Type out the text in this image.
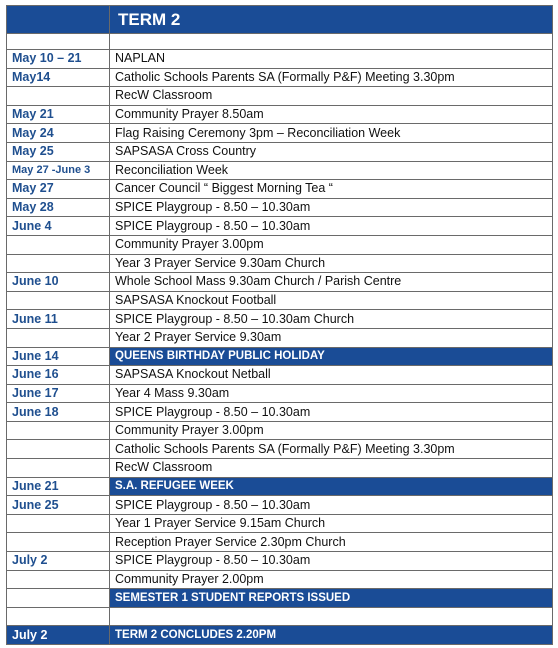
	TERM 2

May 10 – 21	NAPLAN
May14	Catholic Schools Parents SA (Formally P&F) Meeting 3.30pm
	RecW Classroom
May 21	Community Prayer 8.50am
May 24	Flag Raising Ceremony 3pm – Reconciliation Week
May 25	SAPSASA Cross Country
May 27 -June 3	Reconciliation Week
May 27	Cancer Council “ Biggest Morning Tea “
May 28	SPICE Playgroup - 8.50 – 10.30am
June 4	SPICE Playgroup - 8.50 – 10.30am
	Community Prayer 3.00pm
	Year 3 Prayer Service 9.30am Church
June 10	Whole School Mass 9.30am Church / Parish Centre
	SAPSASA Knockout Football
June 11	SPICE Playgroup - 8.50 – 10.30am Church
	Year 2 Prayer Service 9.30am
June 14	QUEENS BIRTHDAY PUBLIC HOLIDAY
June 16	SAPSASA Knockout Netball
June 17	Year 4 Mass 9.30am
June 18	SPICE Playgroup - 8.50 – 10.30am
	Community Prayer 3.00pm
	Catholic Schools Parents SA (Formally P&F) Meeting 3.30pm
	RecW Classroom
June 21	S.A. REFUGEE WEEK
June 25	SPICE Playgroup - 8.50 – 10.30am
	Year 1 Prayer Service 9.15am Church
	Reception Prayer Service 2.30pm Church
July 2	SPICE Playgroup - 8.50 – 10.30am
	Community Prayer 2.00pm
	SEMESTER 1 STUDENT REPORTS ISSUED

July 2	TERM 2 CONCLUDES 2.20PM
